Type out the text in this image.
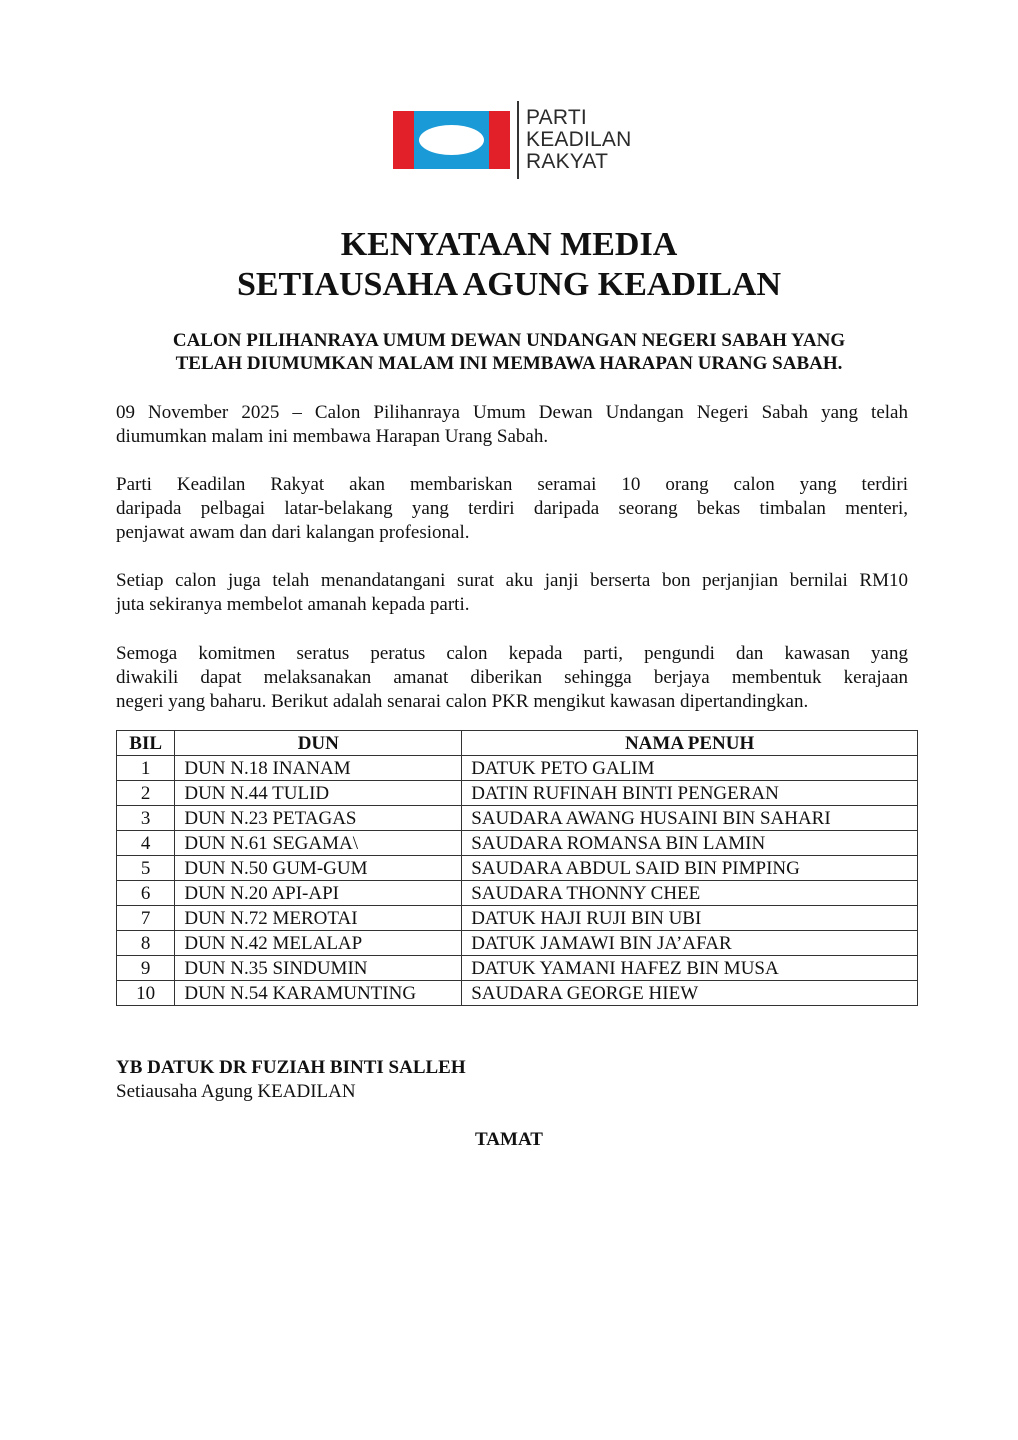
PARTI
KEADILAN
RAKYAT
KENYATAAN MEDIA
SETIAUSAHA AGUNG KEADILAN
CALON PILIHANRAYA UMUM DEWAN UNDANGAN NEGERI SABAH YANG
TELAH DIUMUMKAN MALAM INI MEMBAWA HARAPAN URANG SABAH.
09 November 2025 – Calon Pilihanraya Umum Dewan Undangan Negeri Sabah yang telah
diumumkan malam ini membawa Harapan Urang Sabah.
Parti Keadilan Rakyat akan membariskan seramai 10 orang calon yang terdiri
daripada pelbagai latar-belakang yang terdiri daripada seorang bekas timbalan menteri,
penjawat awam dan dari kalangan profesional.
Setiap calon juga telah menandatangani surat aku janji berserta bon perjanjian bernilai RM10
juta sekiranya membelot amanah kepada parti.
Semoga komitmen seratus peratus calon kepada parti, pengundi dan kawasan yang
diwakili dapat melaksanakan amanat diberikan sehingga berjaya membentuk kerajaan
negeri yang baharu. Berikut adalah senarai calon PKR mengikut kawasan dipertandingkan.
BIL	DUN	NAMA PENUH
1	DUN N.18 INANAM	DATUK PETO GALIM
2	DUN N.44 TULID	DATIN RUFINAH BINTI PENGERAN
3	DUN N.23 PETAGAS	SAUDARA AWANG HUSAINI BIN SAHARI
4	DUN N.61 SEGAMA\	SAUDARA ROMANSA BIN LAMIN
5	DUN N.50 GUM-GUM	SAUDARA ABDUL SAID BIN PIMPING
6	DUN N.20 API-API	SAUDARA THONNY CHEE
7	DUN N.72 MEROTAI	DATUK HAJI RUJI BIN UBI
8	DUN N.42 MELALAP	DATUK JAMAWI BIN JA’AFAR
9	DUN N.35 SINDUMIN	DATUK YAMANI HAFEZ BIN MUSA
10	DUN N.54 KARAMUNTING	SAUDARA GEORGE HIEW
YB DATUK DR FUZIAH BINTI SALLEH
Setiausaha Agung KEADILAN
TAMAT
